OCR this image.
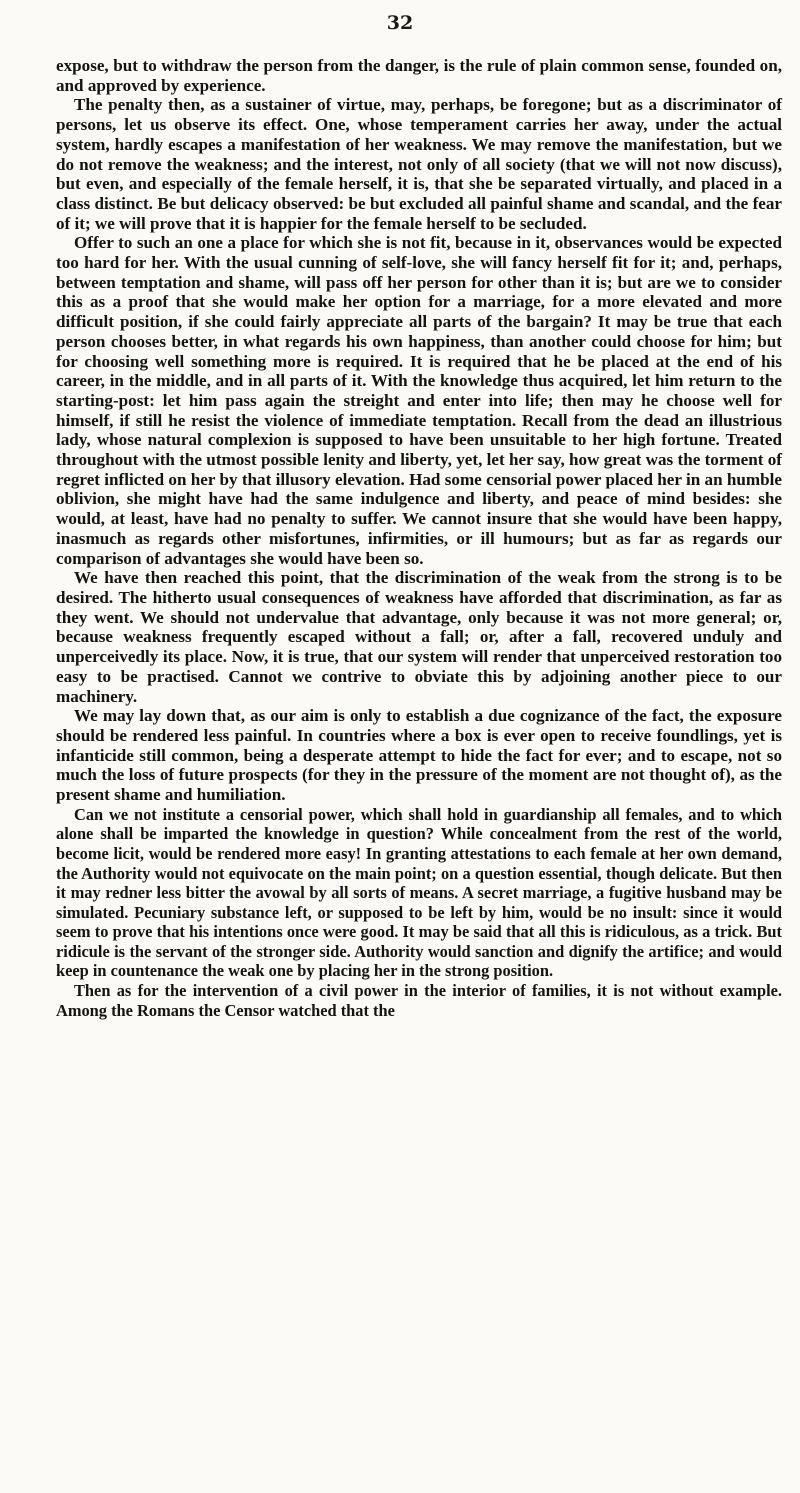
32

expose, but to withdraw the person from the danger, is the rule of plain common sense, founded on, and approved by experience.

The penalty then, as a sustainer of virtue, may, perhaps, be foregone; but as a discriminator of persons, let us observe its effect. One, whose temperament carries her away, under the actual system, hardly escapes a manifestation of her weakness. We may remove the manifestation, but we do not remove the weakness; and the interest, not only of all society (that we will not now discuss), but even, and especially of the female herself, it is, that she be separated virtually, and placed in a class distinct. Be but delicacy observed: be but excluded all painful shame and scandal, and the fear of it; we will prove that it is happier for the female herself to be secluded.

Offer to such an one a place for which she is not fit, because in it, observances would be expected too hard for her. With the usual cunning of self-love, she will fancy herself fit for it; and, perhaps, between temptation and shame, will pass off her person for other than it is; but are we to consider this as a proof that she would make her option for a marriage, for a more elevated and more difficult position, if she could fairly appreciate all parts of the bargain? It may be true that each person chooses better, in what regards his own happiness, than another could choose for him; but for choosing well something more is required. It is required that he be placed at the end of his career, in the middle, and in all parts of it. With the knowledge thus acquired, let him return to the starting-post: let him pass again the streight and enter into life; then may he choose well for himself, if still he resist the violence of immediate temptation. Recall from the dead an illustrious lady, whose natural complexion is supposed to have been unsuitable to her high fortune. Treated throughout with the utmost possible lenity and liberty, yet, let her say, how great was the torment of regret inflicted on her by that illusory elevation. Had some censorial power placed her in an humble oblivion, she might have had the same indulgence and liberty, and peace of mind besides: she would, at least, have had no penalty to suffer. We cannot insure that she would have been happy, inasmuch as regards other misfortunes, infirmities, or ill humours; but as far as regards our comparison of advantages she would have been so.

We have then reached this point, that the discrimination of the weak from the strong is to be desired. The hitherto usual consequences of weakness have afforded that discrimination, as far as they went. We should not undervalue that advantage, only because it was not more general; or, because weakness frequently escaped without a fall; or, after a fall, recovered unduly and unperceivedly its place. Now, it is true, that our system will render that unperceived restoration too easy to be practised. Cannot we contrive to obviate this by adjoining another piece to our machinery.

We may lay down that, as our aim is only to establish a due cognizance of the fact, the exposure should be rendered less painful. In countries where a box is ever open to receive foundlings, yet is infanticide still common, being a desperate attempt to hide the fact for ever; and to escape, not so much the loss of future prospects (for they in the pressure of the moment are not thought of), as the present shame and humiliation.

Can we not institute a censorial power, which shall hold in guardianship all females, and to which alone shall be imparted the knowledge in question? While concealment from the rest of the world, become licit, would be rendered more easy! In granting attestations to each female at her own demand, the Authority would not equivocate on the main point; on a question essential, though delicate. But then it may redner less bitter the avowal by all sorts of means. A secret marriage, a fugitive husband may be simulated. Pecuniary substance left, or supposed to be left by him, would be no insult: since it would seem to prove that his intentions once were good. It may be said that all this is ridiculous, as a trick. But ridicule is the servant of the stronger side. Authority would sanction and dignify the artifice; and would keep in countenance the weak one by placing her in the strong position.

Then as for the intervention of a civil power in the interior of families, it is not without example. Among the Romans the Censor watched that the
